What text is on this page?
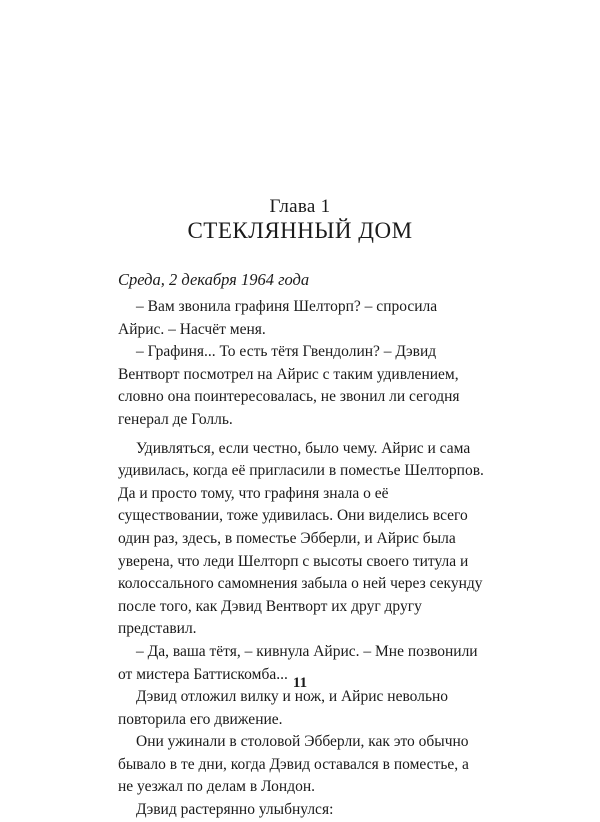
Глава 1
СТЕКЛЯННЫЙ ДОМ
Среда, 2 декабря 1964 года

– Вам звонила графиня Шелторп? – спросила Айрис. – Насчёт меня.

– Графиня... То есть тётя Гвендолин? – Дэвид Вентворт посмотрел на Айрис с таким удивлением, словно она поинтересовалась, не звонил ли сегодня генерал де Голль.

Удивляться, если честно, было чему. Айрис и сама удивилась, когда её пригласили в поместье Шелторпов. Да и просто тому, что графиня знала о её существовании, тоже удивилась. Они виделись всего один раз, здесь, в поместье Эбберли, и Айрис была уверена, что леди Шелторп с высоты своего титула и колоссального самомнения забыла о ней через секунду после того, как Дэвид Вентворт их друг другу представил.

– Да, ваша тётя, – кивнула Айрис. – Мне позвонили от мистера Баттискомба...

Дэвид отложил вилку и нож, и Айрис невольно повторила его движение.

Они ужинали в столовой Эбберли, как это обычно бывало в те дни, когда Дэвид оставался в поместье, а не уезжал по делам в Лондон.

Дэвид растерянно улыбнулся:

11
